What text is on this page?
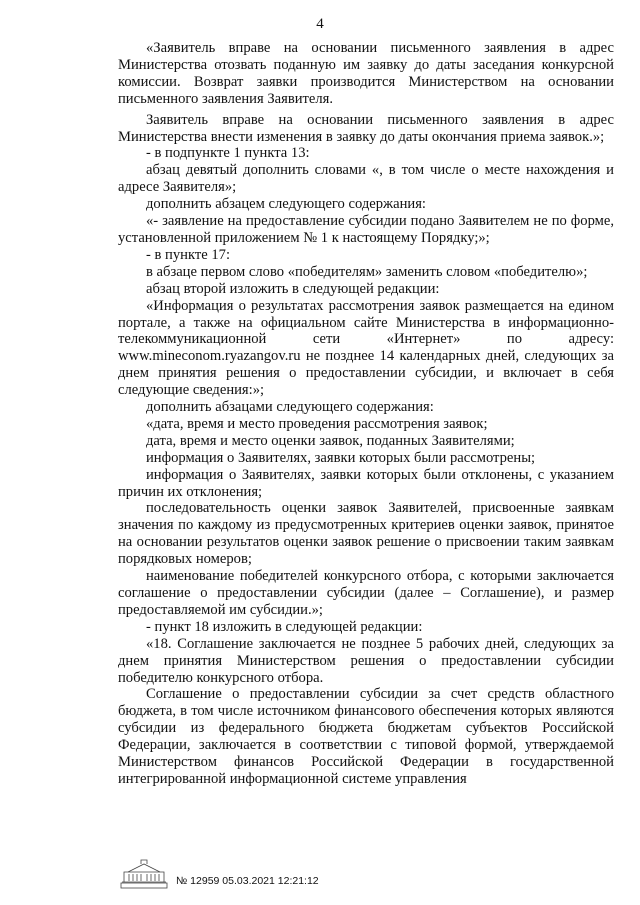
4

«Заявитель вправе на основании письменного заявления в адрес Министерства отозвать поданную им заявку до даты заседания конкурсной комиссии. Возврат заявки производится Министерством на основании письменного заявления Заявителя.

Заявитель вправе на основании письменного заявления в адрес Министерства внести изменения в заявку до даты окончания приема заявок.»;

- в подпункте 1 пункта 13:

абзац девятый дополнить словами «, в том числе о месте нахождения и адресе Заявителя»;

дополнить абзацем следующего содержания:

«- заявление на предоставление субсидии подано Заявителем не по форме, установленной приложением № 1 к настоящему Порядку;»;

- в пункте 17:

в абзаце первом слово «победителям» заменить словом «победителю»;

абзац второй изложить в следующей редакции:

«Информация о результатах рассмотрения заявок размещается на едином портале, а также на официальном сайте Министерства в информационно-телекоммуникационной сети «Интернет» по адресу: www.mineconom.ryazangov.ru не позднее 14 календарных дней, следующих за днем принятия решения о предоставлении субсидии, и включает в себя следующие сведения:»;

дополнить абзацами следующего содержания:

«дата, время и место проведения рассмотрения заявок;

дата, время и место оценки заявок, поданных Заявителями;

информация о Заявителях, заявки которых были рассмотрены;

информация о Заявителях, заявки которых были отклонены, с указанием причин их отклонения;

последовательность оценки заявок Заявителей, присвоенные заявкам значения по каждому из предусмотренных критериев оценки заявок, принятое на основании результатов оценки заявок решение о присвоении таким заявкам порядковых номеров;

наименование победителей конкурсного отбора, с которыми заключается соглашение о предоставлении субсидии (далее – Соглашение), и размер предоставляемой им субсидии.»;

- пункт 18 изложить в следующей редакции:

«18. Соглашение заключается не позднее 5 рабочих дней, следующих за днем принятия Министерством решения о предоставлении субсидии победителю конкурсного отбора.

Соглашение о предоставлении субсидии за счет средств областного бюджета, в том числе источником финансового обеспечения которых являются субсидии из федерального бюджета бюджетам субъектов Российской Федерации, заключается в соответствии с типовой формой, утверждаемой Министерством финансов Российской Федерации в государственной интегрированной информационной системе управления

№ 12959 05.03.2021 12:21:12
